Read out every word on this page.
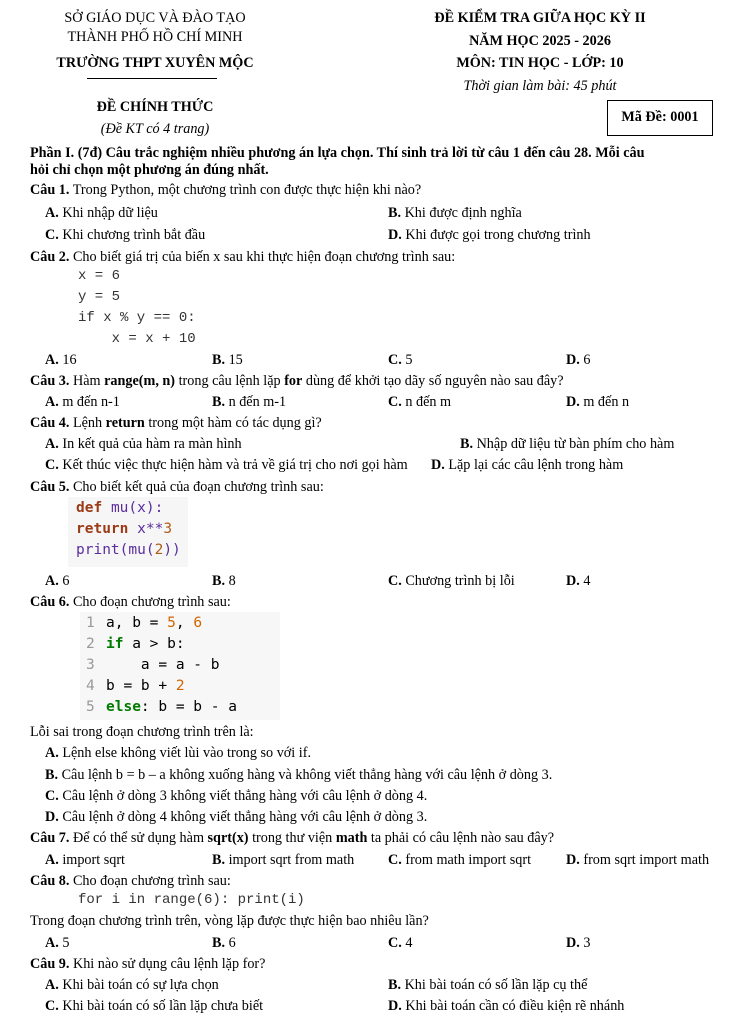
SỞ GIÁO DỤC VÀ ĐÀO TẠO
THÀNH PHỐ HỒ CHÍ MINH
TRƯỜNG THPT XUYÊN MỘC
ĐỀ KIỂM TRA GIỮA HỌC KỲ II
NĂM HỌC 2025 - 2026
MÔN: TIN HỌC - LỚP: 10
Thời gian làm bài: 45 phút
ĐỀ CHÍNH THỨC
(Đề KT có 4 trang)
Mã Đề: 0001
Phần I. (7đ) Câu trắc nghiệm nhiều phương án lựa chọn. Thí sinh trả lời từ câu 1 đến câu 28. Mỗi câu
hỏi chỉ chọn một phương án đúng nhất.
Câu 1. Trong Python, một chương trình con được thực hiện khi nào?
A. Khi nhập dữ liệu	B. Khi được định nghĩa
C. Khi chương trình bắt đầu	D. Khi được gọi trong chương trình
Câu 2. Cho biết giá trị của biến x sau khi thực hiện đoạn chương trình sau:
x = 6
y = 5
if x % y == 0:
x = x + 10
A. 16	B. 15	C. 5	D. 6
Câu 3. Hàm range(m, n) trong câu lệnh lặp for dùng để khởi tạo dãy số nguyên nào sau đây?
A. m đến n-1	B. n đến m-1	C. n đến m	D. m đến n
Câu 4. Lệnh return trong một hàm có tác dụng gì?
A. In kết quả của hàm ra màn hình	B. Nhập dữ liệu từ bàn phím cho hàm
C. Kết thúc việc thực hiện hàm và trả về giá trị cho nơi gọi hàm D. Lặp lại các câu lệnh trong hàm
Câu 5. Cho biết kết quả của đoạn chương trình sau:
def mu(x):
return x**3
print(mu(2))
A. 6	B. 8	C. Chương trình bị lỗi	D. 4
Câu 6. Cho đoạn chương trình sau:
1 a, b = 5, 6
2 if a > b:
3    a = a - b
4 b = b + 2
5 else: b = b - a
Lỗi sai trong đoạn chương trình trên là:
A. Lệnh else không viết lùi vào trong so với if.
B. Câu lệnh b = b – a không xuống hàng và không viết thẳng hàng với câu lệnh ở dòng 3.
C. Câu lệnh ở dòng 3 không viết thẳng hàng với câu lệnh ở dòng 4.
D. Câu lệnh ở dòng 4 không viết thẳng hàng với câu lệnh ở dòng 3.
Câu 7. Để có thể sử dụng hàm sqrt(x) trong thư viện math ta phải có câu lệnh nào sau đây?
A. import sqrt	B. import sqrt from math C. from math import sqrt D. from sqrt import math
Câu 8. Cho đoạn chương trình sau:
for i in range(6): print(i)
Trong đoạn chương trình trên, vòng lặp được thực hiện bao nhiêu lần?
A. 5	B. 6	C. 4	D. 3
Câu 9. Khi nào sử dụng câu lệnh lặp for?
A. Khi bài toán có sự lựa chọn	B. Khi bài toán có số lần lặp cụ thể
C. Khi bài toán có số lần lặp chưa biết	D. Khi bài toán cần có điều kiện rẽ nhánh
